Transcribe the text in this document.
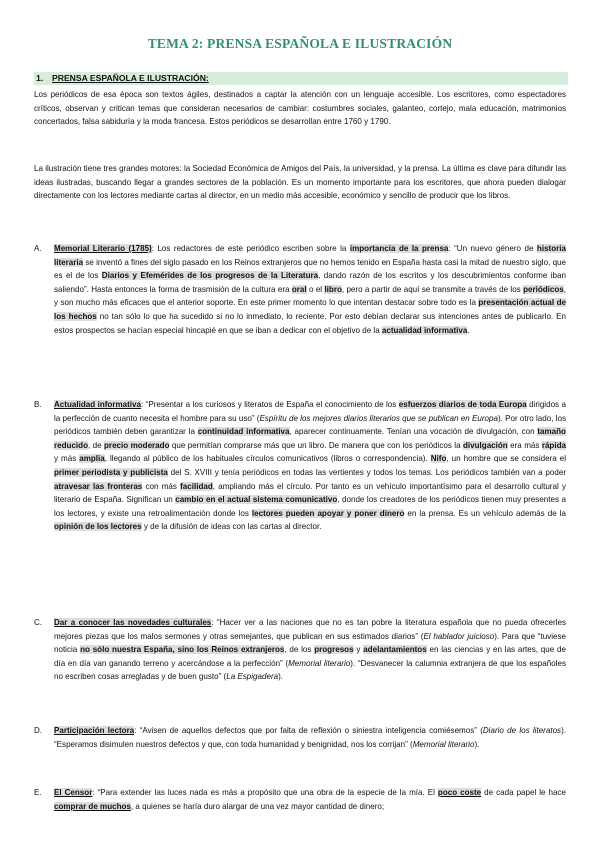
TEMA 2: PRENSA ESPAÑOLA E ILUSTRACIÓN
1. PRENSA ESPAÑOLA E ILUSTRACIÓN:
Los periódicos de esa época son textos ágiles, destinados a captar la atención con un lenguaje accesible. Los escritores, como espectadores críticos, observan y critican temas que consideran necesarios de cambiar: costumbres sociales, galanteo, cortejo, mala educación, matrimonios concertados, falsa sabiduría y la moda francesa. Estos periódicos se desarrollan entre 1760 y 1790.
La ilustración tiene tres grandes motores: la Sociedad Económica de Amigos del País, la universidad, y la prensa. La última es clave para difundir las ideas ilustradas, buscando llegar a grandes sectores de la población. Es un momento importante para los escritores, que ahora pueden dialogar directamente con los lectores mediante cartas al director, en un medio más accesible, económico y sencillo de producir que los libros.
A.	Memorial Literario (1785): Los redactores de este periódico escriben sobre la importancia de la prensa: “Un nuevo género de historia literaria se inventó a fines del siglo pasado en los Reinos extranjeros que no hemos tenido en España hasta casi la mitad de nuestro siglo, que es el de los Diarios y Efemérides de los progresos de la Literatura, dando razón de los escritos y los descubrimientos conforme iban saliendo”. Hasta entonces la forma de trasmisión de la cultura era oral o el libro, pero a partir de aquí se transmite a través de los periódicos, y son mucho más eficaces que el anterior soporte. En este primer momento lo que intentan destacar sobre todo es la presentación actual de los hechos no tan sólo lo que ha sucedido si no lo inmediato, lo reciente. Por esto debían declarar sus intenciones antes de publicarlo. En estos prospectos se hacían especial hincapié en que se iban a dedicar con el objetivo de la actualidad informativa.
B.	Actualidad informativa: “Presentar a los curiosos y literatos de España el conocimiento de los esfuerzos diarios de toda Europa dirigidos a la perfección de cuanto necesita el hombre para su uso” (Espíritu de los mejores diarios literarios que se publican en Europa). Por otro lado, los periódicos también deben garantizar la continuidad informativa, aparecer continuamente. Tenían una vocación de divulgación, con tamaño reducido, de precio moderado que permitían comprarse más que un libro. De manera que con los periódicos la divulgación era más rápida y más amplia, llegando al público de los habituales círculos comunicativos (libros o correspondencia). Nifo, un hombre que se considera el primer periodista y publicista del S. XVIII y tenía periódicos en todas las vertientes y todos los temas. Los periódicos también van a poder atravesar las fronteras con más facilidad, ampliando más el círculo. Por tanto es un vehículo importantísimo para el desarrollo cultural y literario de España. Significan un cambio en el actual sistema comunicativo, donde los creadores de los periódicos tienen muy presentes a los lectores, y existe una retroalimentación donde los lectores pueden apoyar y poner dinero en la prensa. Es un vehículo además de la opinión de los lectores y de la difusión de ideas con las cartas al director.
C.	Dar a conocer las novedades culturales: “Hacer ver a las naciones que no es tan pobre la literatura española que no pueda ofrecerles mejores piezas que los malos sermones y otras semejantes, que publican en sus estimados diarios” (El hablador juicioso). Para que “tuviese noticia no sólo nuestra España, sino los Reinos extranjeros, de los progresos y adelantamientos en las ciencias y en las artes, que de día en día van ganando terreno y acercándose a la perfección” (Memorial literario). “Desvanecer la calumnia extranjera de que los españoles no escriben cosas arregladas y de buen gusto” (La Espigadera).
D.	Participación lectora: “Avisen de aquellos defectos que por falta de reflexión o siniestra inteligencia comiésemos” (Diario de los literatos). “Esperamos disimulen nuestros defectos y que, con toda humanidad y benignidad, nos los corrijan” (Memorial literario).
E.	El Censor: “Para extender las luces nada es más a propósito que una obra de la especie de la mía. El poco coste de cada papel le hace comprar de muchos, a quienes se haría duro alargar de una vez mayor cantidad de dinero;
